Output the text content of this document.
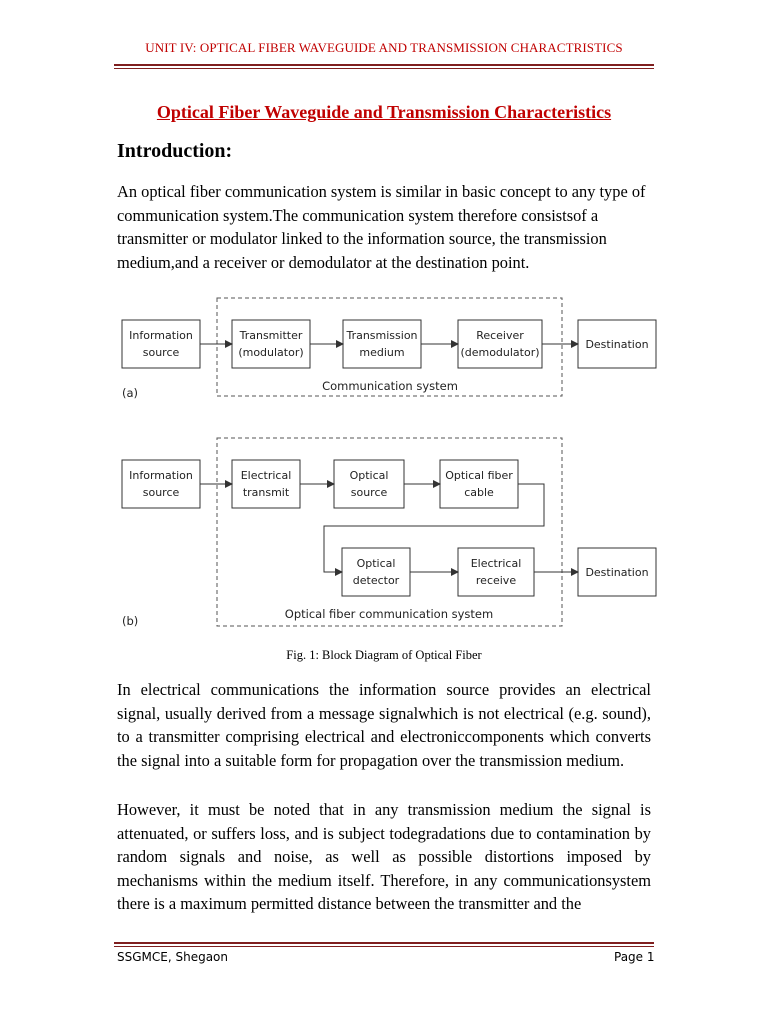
UNIT IV: OPTICAL FIBER WAVEGUIDE AND TRANSMISSION CHARACTRISTICS
Optical Fiber Waveguide and Transmission Characteristics
Introduction:
An optical fiber communication system is similar in basic concept to any type of communication system.The communication system therefore consistsof a transmitter or modulator linked to the information source, the transmission medium,and a receiver or demodulator at the destination point.
Information
source
Transmitter
(modulator)
Transmission
medium
Receiver
(demodulator)
Destination
Communication system
(a)
Information
source
Electrical
transmit
Optical
source
Optical fiber
cable
Optical
detector
Electrical
receive
Destination
Optical fiber communication system
(b)
Fig. 1: Block Diagram of Optical Fiber
In electrical communications the information source provides an electrical signal, usually derived from a message signalwhich is not electrical (e.g. sound), to a transmitter comprising electrical and electroniccomponents which converts the signal into a suitable form for propagation over the transmission medium.
However, it must be noted that in any transmission medium the signal is attenuated, or suffers loss, and is subject todegradations due to contamination by random signals and noise, as well as possible distortions imposed by mechanisms within the medium itself. Therefore, in any communicationsystem there is a maximum permitted distance between the transmitter and the
SSGMCE, Shegaon	Page 1
